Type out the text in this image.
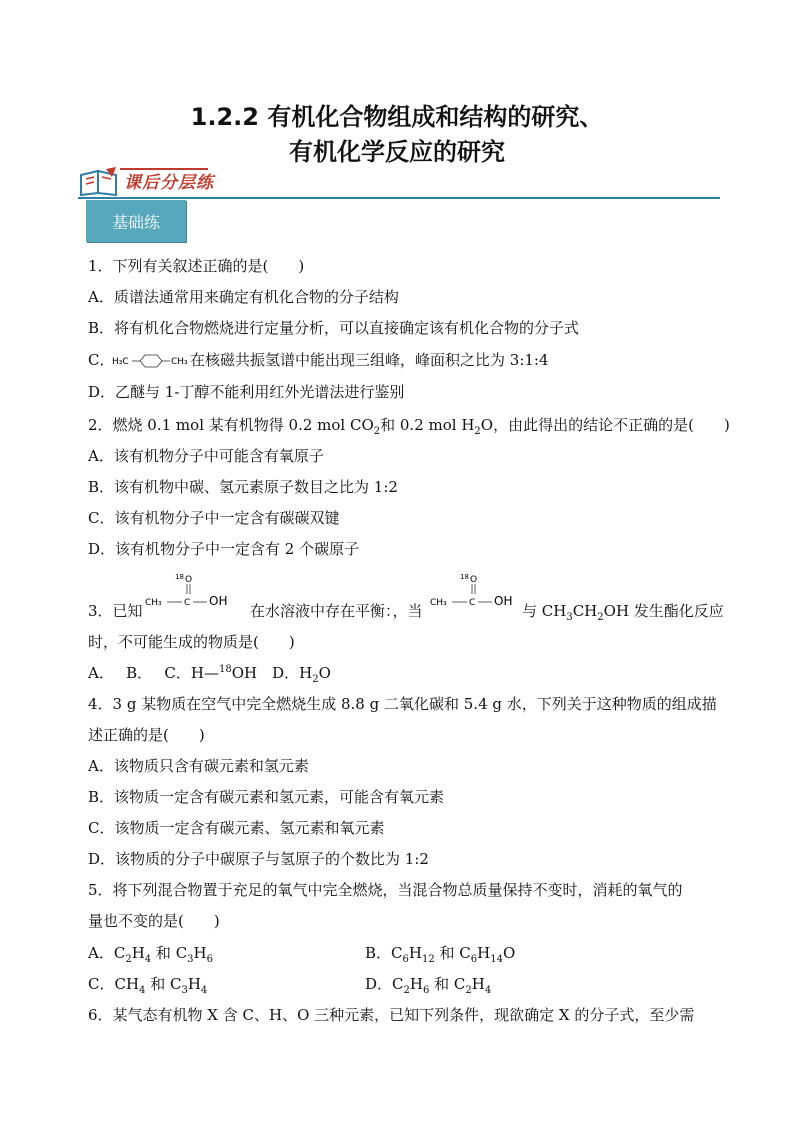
1.2.2 有机化合物组成和结构的研究、
有机化学反应的研究
课后分层练
基础练
1．下列有关叙述正确的是(　　)
A．质谱法通常用来确定有机化合物的分子结构
B．将有机化合物燃烧进行定量分析，可以直接确定该有机化合物的分子式
C．
H₃C	CH₃ 在核磁共振氢谱中能出现三组峰，峰面积之比为 3:1:4
D．乙醚与 1-丁醇不能利用红外光谱法进行鉴别
2．燃烧 0.1 mol 某有机物得 0.2 mol $CO_2$和 0.2 mol $H_2O$，由此得出的结论不正确的是(　　)
A．该有机物分子中可能含有氧原子
B．该有机物中碳、氢元素原子数目之比为 1:2
C．该有机物分子中一定含有碳碳双键
D．该有机物分子中一定含有 2 个碳原子
3．已知
18 O
CH₃ C OH
在水溶液中存在平衡：，当
18 O
CH₃ C OH
与 $CH_3CH_2OH$ 发生酯化反应
时，不可能生成的物质是(　　)
A．　 B．　 C．H—$^{18}$OH　D．$H_2O$
4．3 g 某物质在空气中完全燃烧生成 8.8 g 二氧化碳和 5.4 g 水，下列关于这种物质的组成描
述正确的是(　　)
A．该物质只含有碳元素和氢元素
B．该物质一定含有碳元素和氢元素，可能含有氧元素
C．该物质一定含有碳元素、氢元素和氧元素
D．该物质的分子中碳原子与氢原子的个数比为 1:2
5．将下列混合物置于充足的氧气中完全燃烧，当混合物总质量保持不变时，消耗的氧气的
量也不变的是(　　)
A．$C_2H_4$ 和 $C_3H_6$	B．$C_6H_{12}$ 和 $C_6H_{14}O$
C．$CH_4$ 和 $C_3H_4$	D．$C_2H_6$ 和 $C_2H_4$
6．某气态有机物 X 含 C、H、O 三种元素，已知下列条件，现欲确定 X 的分子式，至少需
